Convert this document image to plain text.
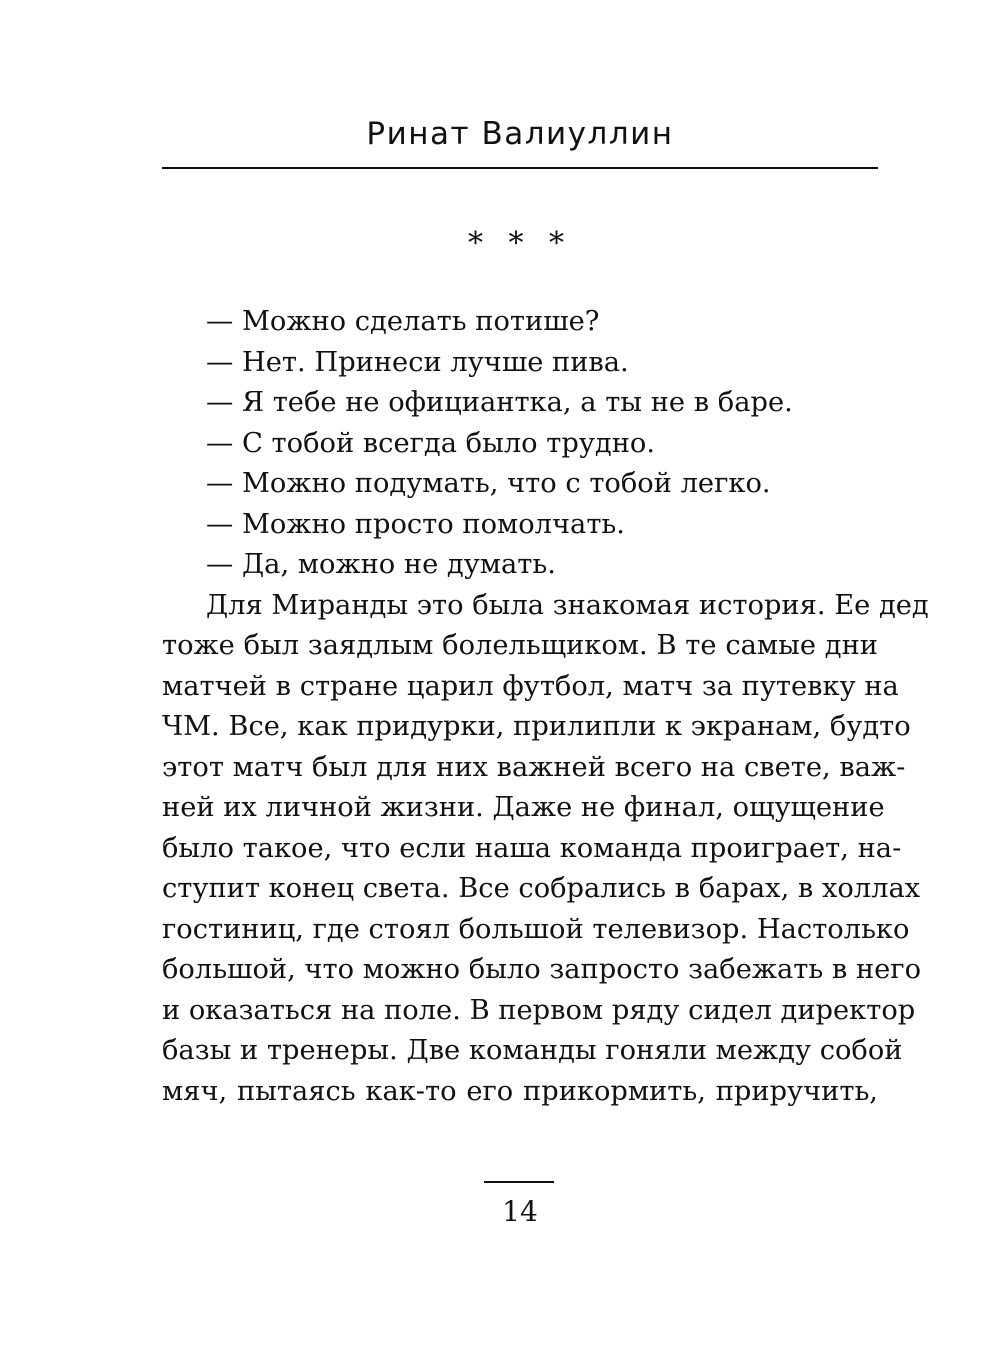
Ринат Валиуллин
* * *

— Можно сделать потише?

— Нет. Принеси лучше пива.

— Я тебе не официантка, а ты не в баре.

— С тобой всегда было трудно.

— Можно подумать, что с тобой легко.

— Можно просто помолчать.

— Да, можно не думать.

Для Миранды это была знакомая история. Ее дед
тоже был заядлым болельщиком. В те самые дни
матчей в стране царил футбол, матч за путевку на
ЧМ. Все, как придурки, прилипли к экранам, будто
этот матч был для них важней всего на свете, важ-
ней их личной жизни. Даже не финал, ощущение
было такое, что если наша команда проиграет, на-
ступит конец света. Все собрались в барах, в холлах
гостиниц, где стоял большой телевизор. Настолько
большой, что можно было запросто забежать в него
и оказаться на поле. В первом ряду сидел директор
базы и тренеры. Две команды гоняли между собой
мяч, пытаясь как-то его прикормить, приручить,
14
